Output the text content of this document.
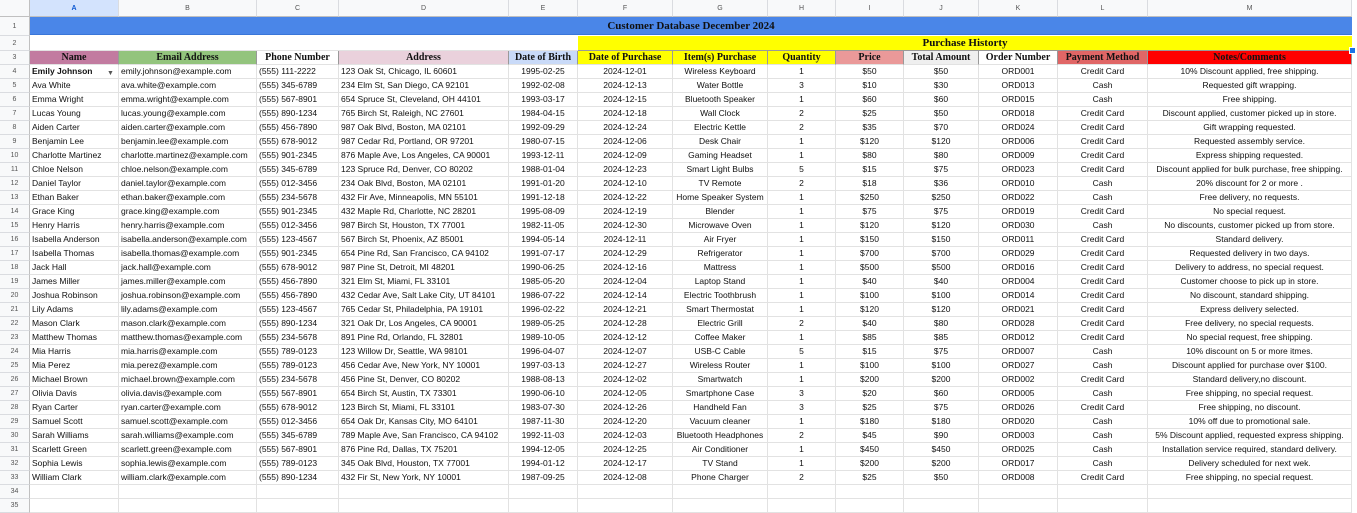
A	B	C	D	E	F	G	H	I	J	K	L	M
1
2
3
4
5
6
7
8
9
10
11
12
13
14
15
16
17
18
19
20
21
22
23
24
25
26
27
28
29
30
31
32
33
34
35
Customer Database December 2024
Purchase Historty
Name	Email Address	Phone Number	Address	Date of Birth	Date of Purchase	Item(s) Purchase	Quantity	Price	Total Amount	Order Number	Payment Method	Notes/Comments
Emily Johnson	emily.johnson@example.com	(555) 111-2222	123 Oak St, Chicago, IL 60601	1995-02-25	2024-12-01	Wireless Keyboard	1	$50	$50	ORD001	Credit Card	10% Discount applied, free shipping.
Ava White	ava.white@example.com	(555) 345-6789	234 Elm St, San Diego, CA 92101	1992-02-08	2024-12-13	Water Bottle	3	$10	$30	ORD013	Cash	Requested gift wrapping.
Emma Wright	emma.wright@example.com	(555) 567-8901	654 Spruce St, Cleveland, OH 44101	1993-03-17	2024-12-15	Bluetooth Speaker	1	$60	$60	ORD015	Cash	Free shipping.
Lucas Young	lucas.young@example.com	(555) 890-1234	765 Birch St, Raleigh, NC 27601	1984-04-15	2024-12-18	Wall Clock	2	$25	$50	ORD018	Credit Card	Discount applied, customer picked up in store.
Aiden Carter	aiden.carter@example.com	(555) 456-7890	987 Oak Blvd, Boston, MA 02101	1992-09-29	2024-12-24	Electric Kettle	2	$35	$70	ORD024	Credit Card	Gift wrapping requested.
Benjamin Lee	benjamin.lee@example.com	(555) 678-9012	987 Cedar Rd, Portland, OR 97201	1980-07-15	2024-12-06	Desk Chair	1	$120	$120	ORD006	Credit Card	Requested assembly service.
Charlotte Martinez	charlotte.martinez@example.com	(555) 901-2345	876 Maple Ave, Los Angeles, CA 90001	1993-12-11	2024-12-09	Gaming Headset	1	$80	$80	ORD009	Credit Card	Express shipping requested.
Chloe Nelson	chloe.nelson@example.com	(555) 345-6789	123 Spruce Rd, Denver, CO 80202	1988-01-04	2024-12-23	Smart Light Bulbs	5	$15	$75	ORD023	Credit Card	Discount applied for bulk purchase, free shipping.
Daniel Taylor	daniel.taylor@example.com	(555) 012-3456	234 Oak Blvd, Boston, MA 02101	1991-01-20	2024-12-10	TV Remote	2	$18	$36	ORD010	Cash	20% discount for 2 or more .
Ethan Baker	ethan.baker@example.com	(555) 234-5678	432 Fir Ave, Minneapolis, MN 55101	1991-12-18	2024-12-22	Home Speaker System	1	$250	$250	ORD022	Cash	Free delivery, no requests.
Grace King	grace.king@example.com	(555) 901-2345	432 Maple Rd, Charlotte, NC 28201	1995-08-09	2024-12-19	Blender	1	$75	$75	ORD019	Credit Card	No special request.
Henry Harris	henry.harris@example.com	(555) 012-3456	987 Birch St, Houston, TX 77001	1982-11-05	2024-12-30	Microwave Oven	1	$120	$120	ORD030	Cash	No discounts, customer picked up from store.
Isabella Anderson	isabella.anderson@example.com	(555) 123-4567	567 Birch St, Phoenix, AZ 85001	1994-05-14	2024-12-11	Air Fryer	1	$150	$150	ORD011	Credit Card	Standard delivery.
Isabella Thomas	isabella.thomas@example.com	(555) 901-2345	654 Pine Rd, San Francisco, CA 94102	1991-07-17	2024-12-29	Refrigerator	1	$700	$700	ORD029	Credit Card	Requested delivery in two days.
Jack Hall	jack.hall@example.com	(555) 678-9012	987 Pine St, Detroit, MI 48201	1990-06-25	2024-12-16	Mattress	1	$500	$500	ORD016	Credit Card	Delivery to address, no special request.
James Miller	james.miller@example.com	(555) 456-7890	321 Elm St, Miami, FL 33101	1985-05-20	2024-12-04	Laptop Stand	1	$40	$40	ORD004	Credit Card	Customer choose to pick up in store.
Joshua Robinson	joshua.robinson@example.com	(555) 456-7890	432 Cedar Ave, Salt Lake City, UT 84101	1986-07-22	2024-12-14	Electric Toothbrush	1	$100	$100	ORD014	Credit Card	No discount, standard shipping.
Lily Adams	lily.adams@example.com	(555) 123-4567	765 Cedar St, Philadelphia, PA 19101	1996-02-22	2024-12-21	Smart Thermostat	1	$120	$120	ORD021	Credit Card	Express delivery selected.
Mason Clark	mason.clark@example.com	(555) 890-1234	321 Oak Dr, Los Angeles, CA 90001	1989-05-25	2024-12-28	Electric Grill	2	$40	$80	ORD028	Credit Card	Free delivery, no special requests.
Matthew Thomas	matthew.thomas@example.com	(555) 234-5678	891 Pine Rd, Orlando, FL 32801	1989-10-05	2024-12-12	Coffee Maker	1	$85	$85	ORD012	Credit Card	No special request, free shipping.
Mia Harris	mia.harris@example.com	(555) 789-0123	123 Willow Dr, Seattle, WA 98101	1996-04-07	2024-12-07	USB-C Cable	5	$15	$75	ORD007	Cash	10% discount on 5 or more itmes.
Mia Perez	mia.perez@example.com	(555) 789-0123	456 Cedar Ave, New York, NY 10001	1997-03-13	2024-12-27	Wireless Router	1	$100	$100	ORD027	Cash	Discount applied for purchase over $100.
Michael Brown	michael.brown@example.com	(555) 234-5678	456 Pine St, Denver, CO 80202	1988-08-13	2024-12-02	Smartwatch	1	$200	$200	ORD002	Credit Card	Standard delivery,no discount.
Olivia Davis	olivia.davis@example.com	(555) 567-8901	654 Birch St, Austin, TX 73301	1990-06-10	2024-12-05	Smartphone Case	3	$20	$60	ORD005	Cash	Free shipping, no special request.
Ryan Carter	ryan.carter@example.com	(555) 678-9012	123 Birch St, Miami, FL 33101	1983-07-30	2024-12-26	Handheld Fan	3	$25	$75	ORD026	Credit Card	Free shipping, no discount.
Samuel Scott	samuel.scott@example.com	(555) 012-3456	654 Oak Dr, Kansas City, MO 64101	1987-11-30	2024-12-20	Vacuum cleaner	1	$180	$180	ORD020	Cash	10% off due to promotional sale.
Sarah Williams	sarah.williams@example.com	(555) 345-6789	789 Maple Ave, San Francisco, CA 94102	1992-11-03	2024-12-03	Bluetooth Headphones	2	$45	$90	ORD003	Cash	5% Discount applied, requested express shipping.
Scarlett Green	scarlett.green@example.com	(555) 567-8901	876 Pine Rd, Dallas, TX 75201	1994-12-05	2024-12-25	Air Conditioner	1	$450	$450	ORD025	Cash	Installation service required, standard delivery.
Sophia Lewis	sophia.lewis@example.com	(555) 789-0123	345 Oak Blvd, Houston, TX 77001	1994-01-12	2024-12-17	TV Stand	1	$200	$200	ORD017	Cash	Delivery scheduled for next wek.
William Clark	william.clark@example.com	(555) 890-1234	432 Fir St, New York, NY 10001	1987-09-25	2024-12-08	Phone Charger	2	$25	$50	ORD008	Credit Card	Free shipping, no special request.
▼
